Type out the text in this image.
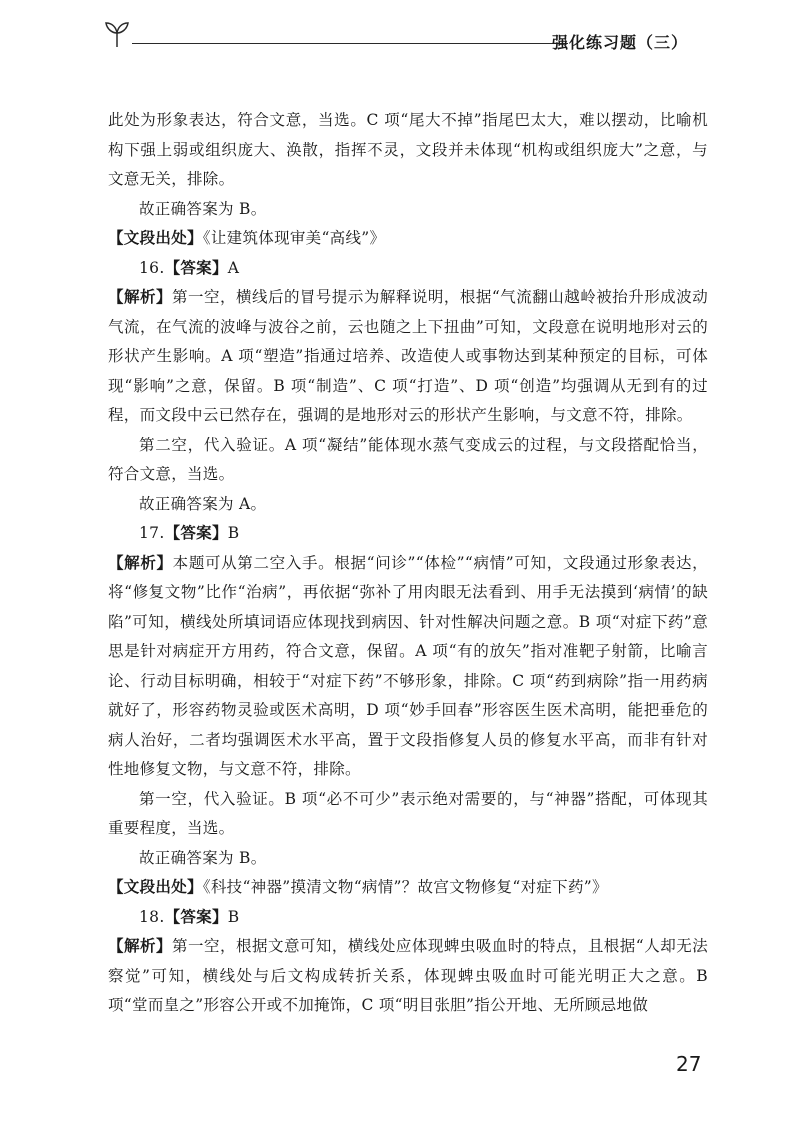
强化练习题（三）

此处为形象表达，符合文意，当选。C 项“尾大不掉”指尾巴太大，难以摆动，比喻机构下强上弱或组织庞大、涣散，指挥不灵，文段并未体现“机构或组织庞大”之意，与文意无关，排除。

故正确答案为 B。

【文段出处】《让建筑体现审美“高线”》

16.【答案】A

【解析】第一空，横线后的冒号提示为解释说明，根据“气流翻山越岭被抬升形成波动气流，在气流的波峰与波谷之前，云也随之上下扭曲”可知，文段意在说明地形对云的形状产生影响。A 项“塑造”指通过培养、改造使人或事物达到某种预定的目标，可体现“影响”之意，保留。B 项“制造”、C 项“打造”、D 项“创造”均强调从无到有的过程，而文段中云已然存在，强调的是地形对云的形状产生影响，与文意不符，排除。

第二空，代入验证。A 项“凝结”能体现水蒸气变成云的过程，与文段搭配恰当，符合文意，当选。

故正确答案为 A。

17.【答案】B

【解析】本题可从第二空入手。根据“问诊”“体检”“病情”可知，文段通过形象表达，将“修复文物”比作“治病”，再依据“弥补了用肉眼无法看到、用手无法摸到‘病情’的缺陷”可知，横线处所填词语应体现找到病因、针对性解决问题之意。B 项“对症下药”意思是针对病症开方用药，符合文意，保留。A 项“有的放矢”指对准靶子射箭，比喻言论、行动目标明确，相较于“对症下药”不够形象，排除。C 项“药到病除”指一用药病就好了，形容药物灵验或医术高明，D 项“妙手回春”形容医生医术高明，能把垂危的病人治好，二者均强调医术水平高，置于文段指修复人员的修复水平高，而非有针对性地修复文物，与文意不符，排除。

第一空，代入验证。B 项“必不可少”表示绝对需要的，与“神器”搭配，可体现其重要程度，当选。

故正确答案为 B。

【文段出处】《科技“神器”摸清文物“病情”？故宫文物修复“对症下药”》

18.【答案】B

【解析】第一空，根据文意可知，横线处应体现蜱虫吸血时的特点，且根据“人却无法察觉”可知，横线处与后文构成转折关系，体现蜱虫吸血时可能光明正大之意。B 项“堂而皇之”形容公开或不加掩饰，C 项“明目张胆”指公开地、无所顾忌地做

27
